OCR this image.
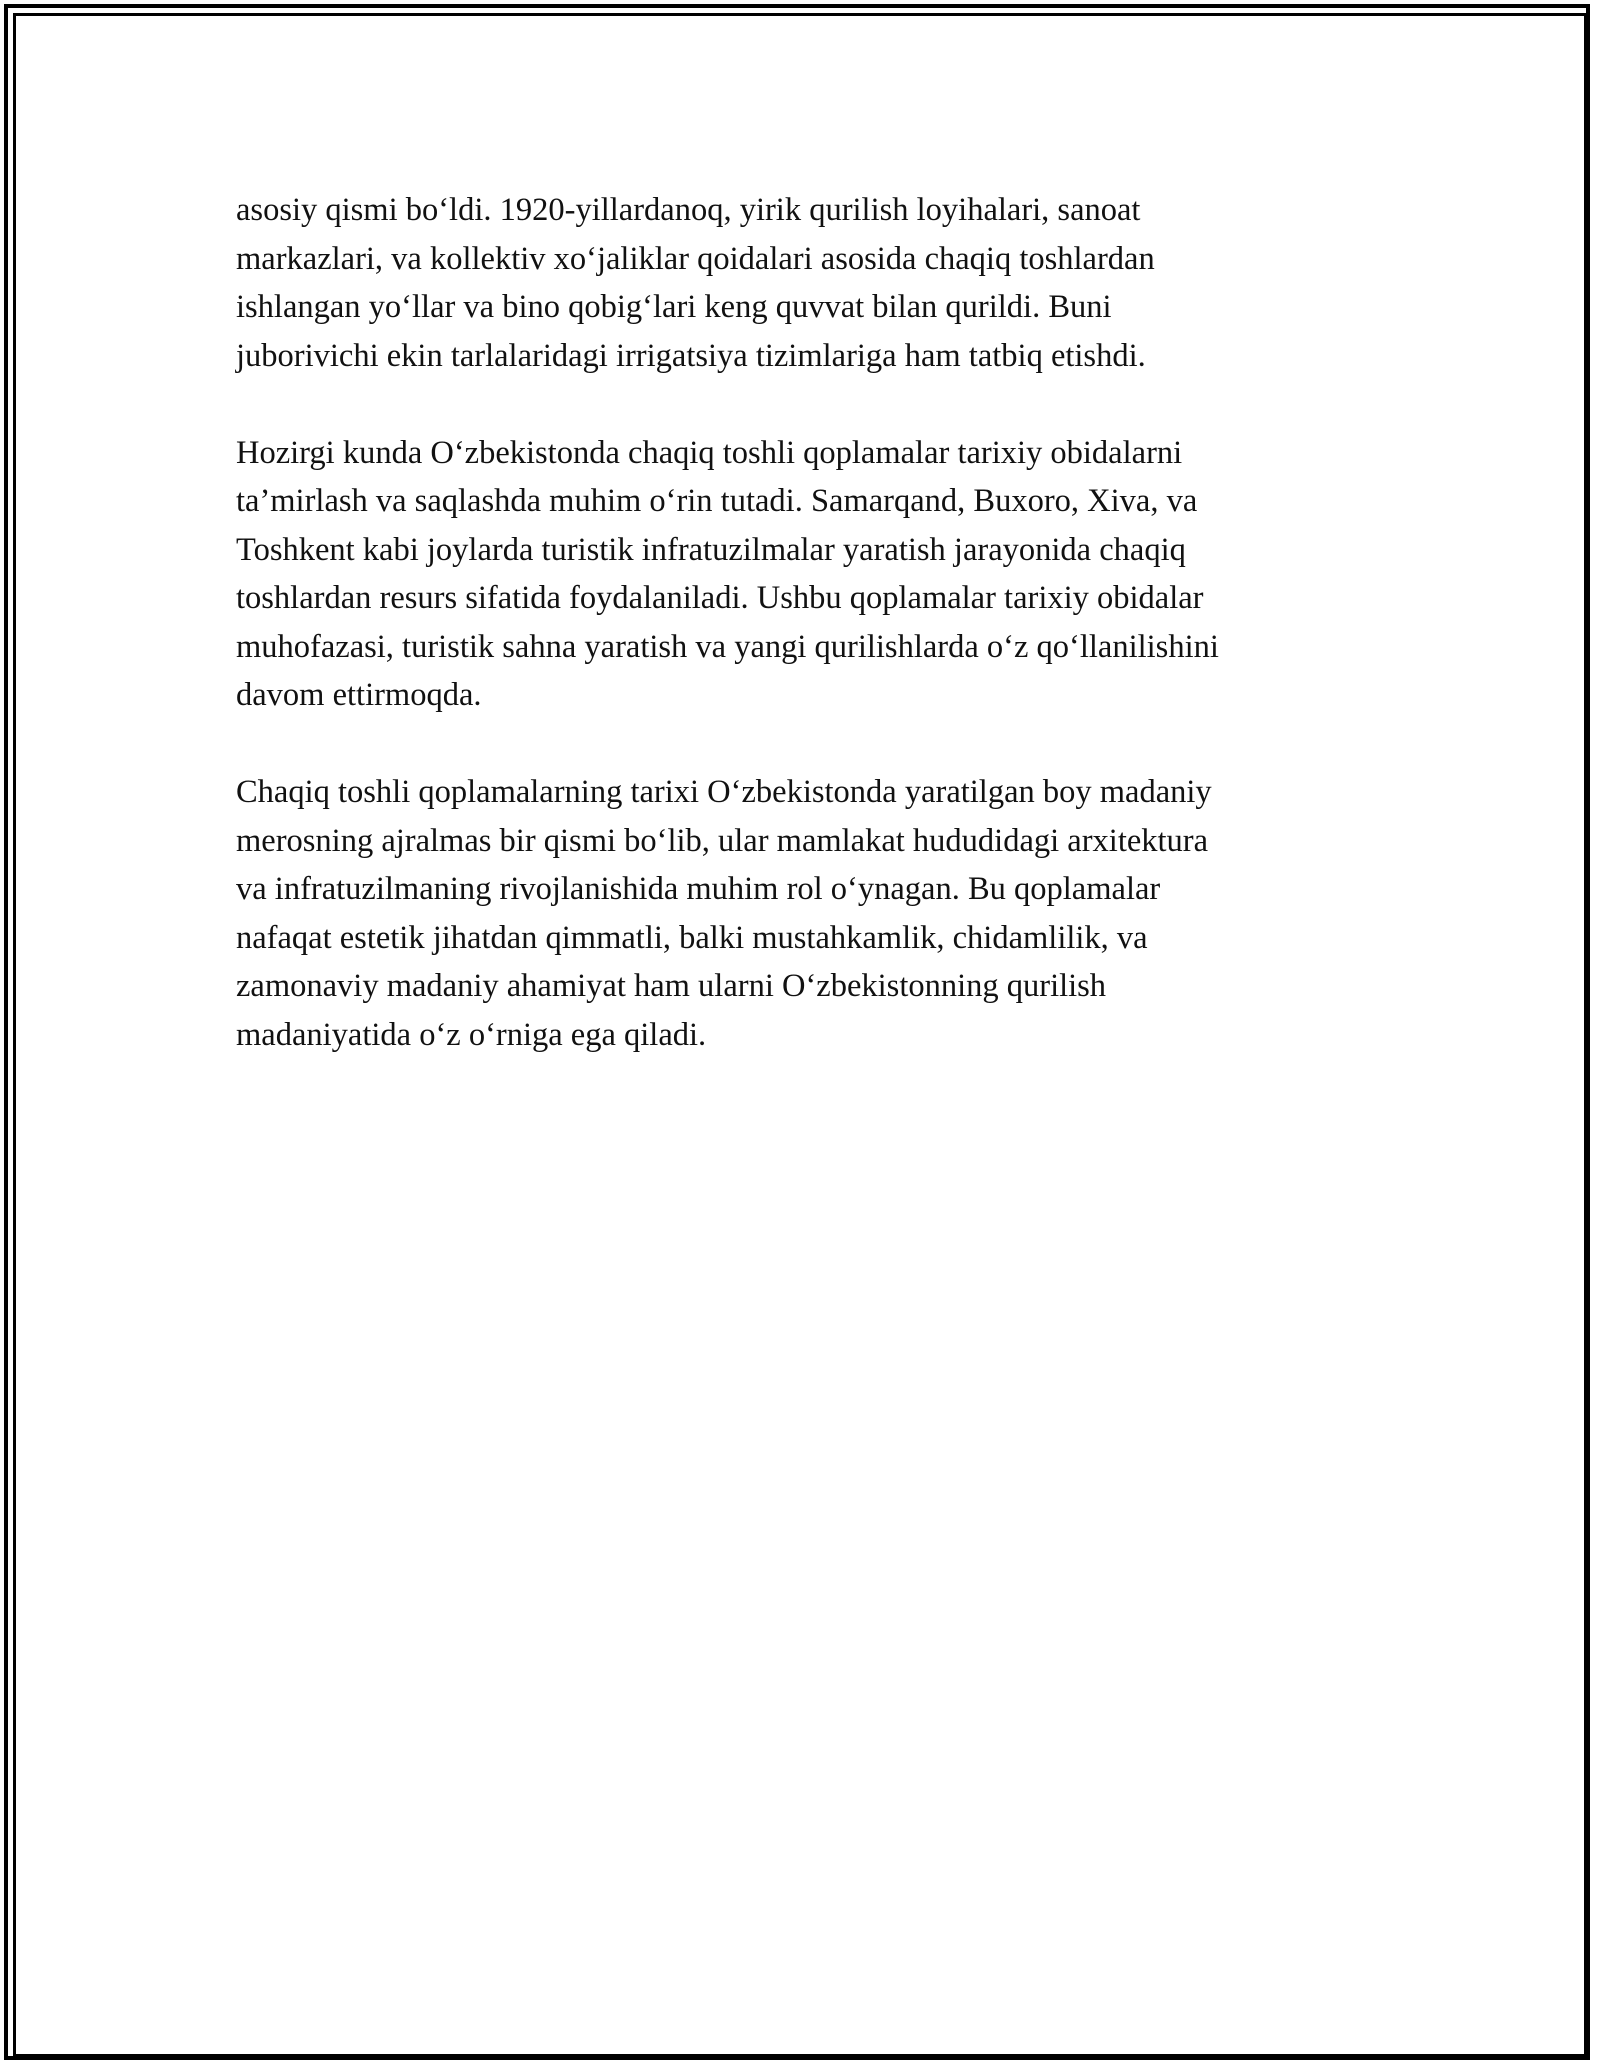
asosiy qismi bo‘ldi. 1920-yillardanoq, yirik qurilish loyihalari, sanoat
markazlari, va kollektiv xo‘jaliklar qoidalari asosida chaqiq toshlardan
ishlangan yo‘llar va bino qobig‘lari keng quvvat bilan qurildi. Buni
juborivichi ekin tarlalaridagi irrigatsiya tizimlariga ham tatbiq etishdi.

Hozirgi kunda O‘zbekistonda chaqiq toshli qoplamalar tarixiy obidalarni
ta’mirlash va saqlashda muhim o‘rin tutadi. Samarqand, Buxoro, Xiva, va
Toshkent kabi joylarda turistik infratuzilmalar yaratish jarayonida chaqiq
toshlardan resurs sifatida foydalaniladi. Ushbu qoplamalar tarixiy obidalar
muhofazasi, turistik sahna yaratish va yangi qurilishlarda o‘z qo‘llanilishini
davom ettirmoqda.

Chaqiq toshli qoplamalarning tarixi O‘zbekistonda yaratilgan boy madaniy
merosning ajralmas bir qismi bo‘lib, ular mamlakat hududidagi arxitektura
va infratuzilmaning rivojlanishida muhim rol o‘ynagan. Bu qoplamalar
nafaqat estetik jihatdan qimmatli, balki mustahkamlik, chidamlilik, va
zamonaviy madaniy ahamiyat ham ularni O‘zbekistonning qurilish
madaniyatida o‘z o‘rniga ega qiladi.
